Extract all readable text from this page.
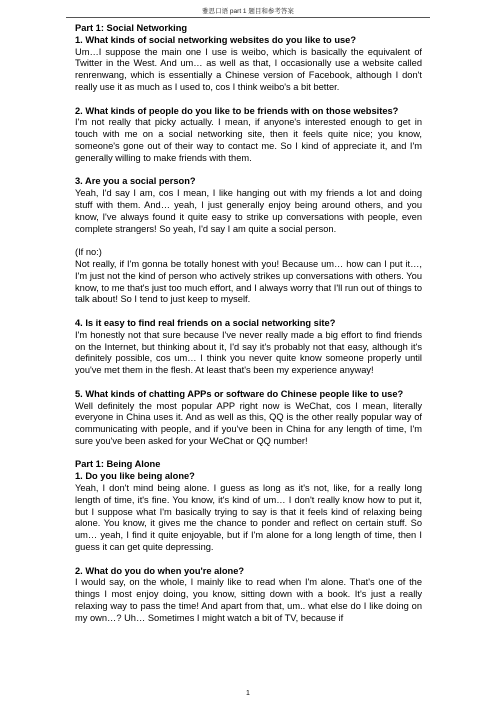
雅思口语 part 1 题目和参考答案
Part 1: Social Networking
1. What kinds of social networking websites do you like to use?
Um…I suppose the main one I use is weibo, which is basically the equivalent of Twitter in the West. And um… as well as that, I occasionally use a website called renrenwang, which is essentially a Chinese version of Facebook, although I don't really use it as much as I used to, cos I think weibo's a bit better.
2. What kinds of people do you like to be friends with on those websites?
I'm not really that picky actually. I mean, if anyone's interested enough to get in touch with me on a social networking site, then it feels quite nice; you know, someone's gone out of their way to contact me. So I kind of appreciate it, and I'm generally willing to make friends with them.
3. Are you a social person?
Yeah, I'd say I am, cos I mean, I like hanging out with my friends a lot and doing stuff with them. And… yeah, I just generally enjoy being around others, and you know, I've always found it quite easy to strike up conversations with people, even complete strangers! So yeah, I'd say I am quite a social person.
(If no:)
Not really, if I'm gonna be totally honest with you! Because um… how can I put it…, I'm just not the kind of person who actively strikes up conversations with others. You know, to me that's just too much effort, and I always worry that I'll run out of things to talk about! So I tend to just keep to myself.
4. Is it easy to find real friends on a social networking site?
I'm honestly not that sure because I've never really made a big effort to find friends on the Internet, but thinking about it, I'd say it's probably not that easy, although it's definitely possible, cos um… I think you never quite know someone properly until you've met them in the flesh. At least that's been my experience anyway!
5. What kinds of chatting APPs or software do Chinese people like to use?
Well definitely the most popular APP right now is WeChat, cos I mean, literally everyone in China uses it. And as well as this, QQ is the other really popular way of communicating with people, and if you've been in China for any length of time, I'm sure you've been asked for your WeChat or QQ number!
Part 1: Being Alone
1. Do you like being alone?
Yeah, I don't mind being alone. I guess as long as it's not, like, for a really long length of time, it's fine. You know, it's kind of um… I don't really know how to put it, but I suppose what I'm basically trying to say is that it feels kind of relaxing being alone. You know, it gives me the chance to ponder and reflect on certain stuff. So um… yeah, I find it quite enjoyable, but if I'm alone for a long length of time, then I guess it can get quite depressing.
2. What do you do when you're alone?
I would say, on the whole, I mainly like to read when I'm alone. That's one of the things I most enjoy doing, you know, sitting down with a book. It's just a really relaxing way to pass the time! And apart from that, um.. what else do I like doing on my own…? Uh… Sometimes I might watch a bit of TV, because if
1
